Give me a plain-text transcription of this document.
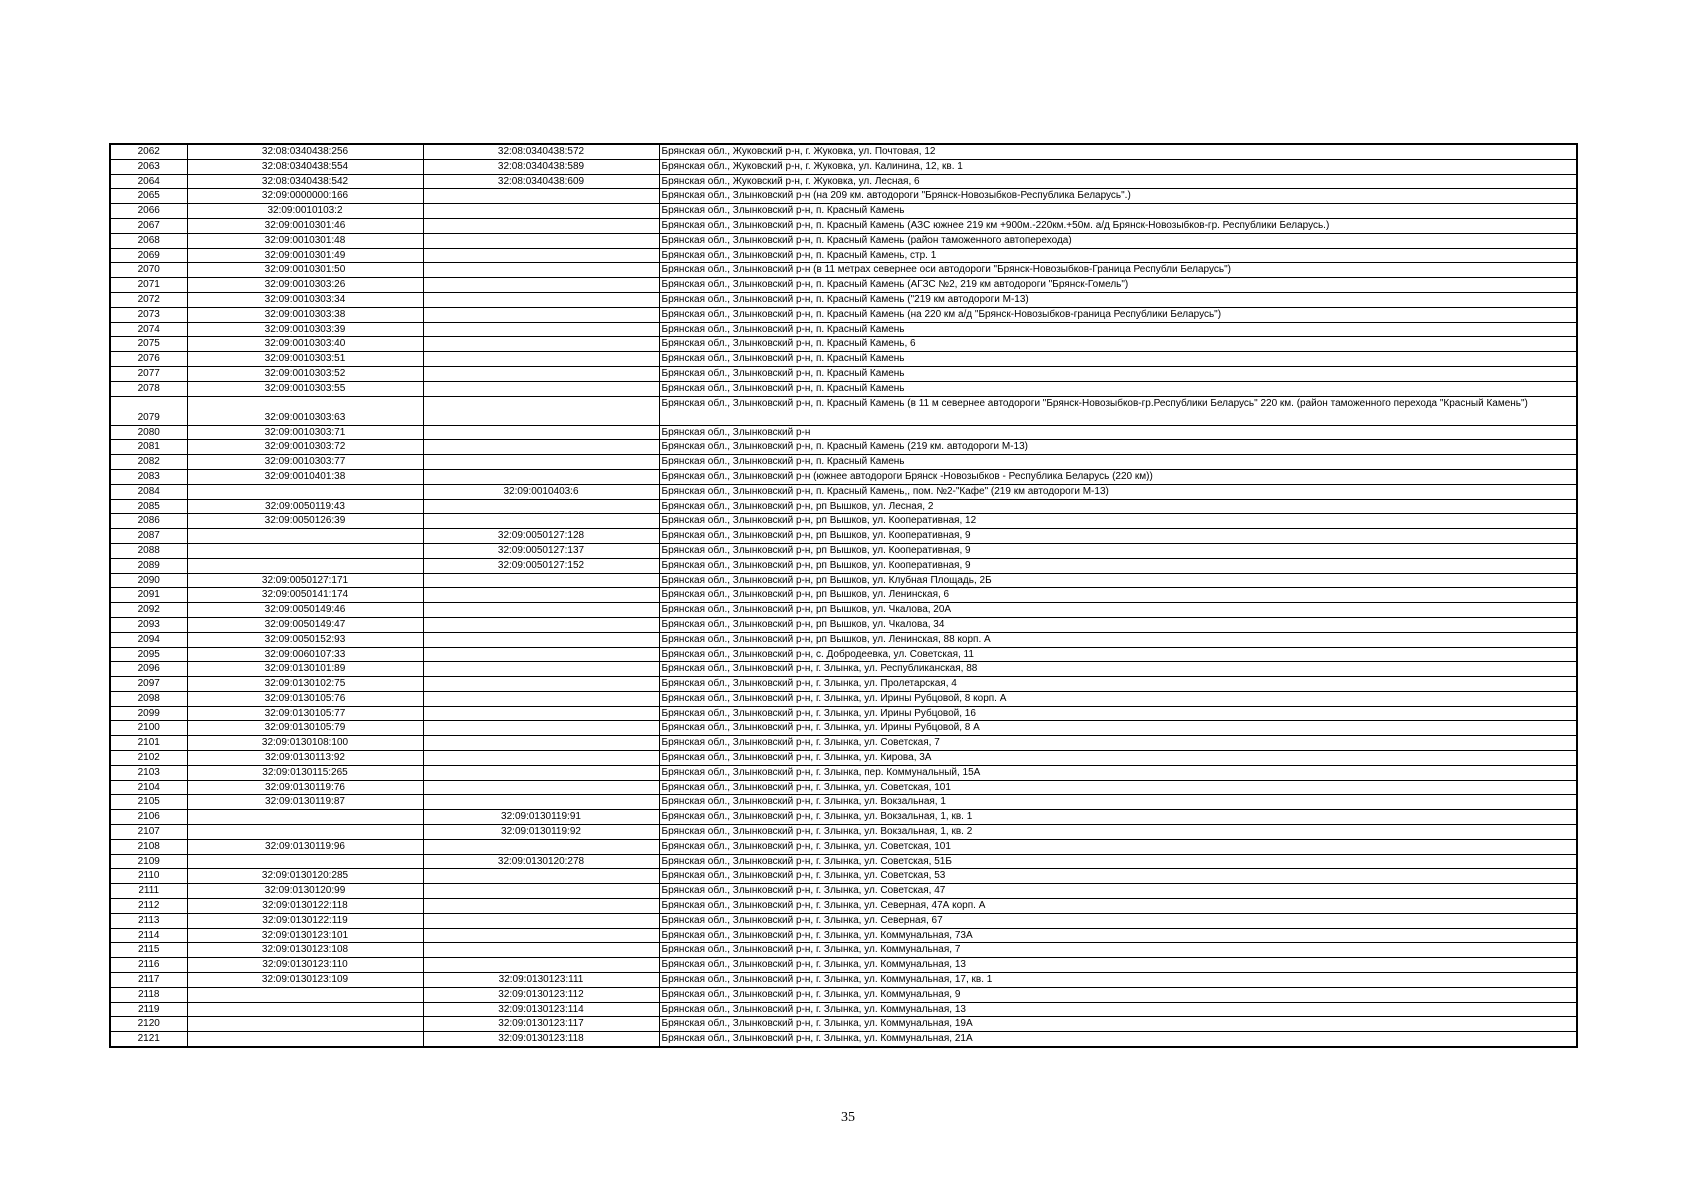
2062	32:08:0340438:256	32:08:0340438:572	Брянская обл., Жуковский р-н, г. Жуковка, ул. Почтовая, 12
2063	32:08:0340438:554	32:08:0340438:589	Брянская обл., Жуковский р-н, г. Жуковка, ул. Калинина, 12, кв. 1
2064	32:08:0340438:542	32:08:0340438:609	Брянская обл., Жуковский р-н, г. Жуковка, ул. Лесная, 6
2065	32:09:0000000:166		Брянская обл., Злынковский р-н (на 209 км. автодороги "Брянск-Новозыбков-Республика Беларусь".)
2066	32:09:0010103:2		Брянская обл., Злынковский р-н, п. Красный Камень
2067	32:09:0010301:46		Брянская обл., Злынковский р-н, п. Красный Камень (АЗС южнее 219 км +900м.-220км.+50м. а/д Брянск-Новозыбков-гр. Республики Беларусь.)
2068	32:09:0010301:48		Брянская обл., Злынковский р-н, п. Красный Камень (район таможенного автоперехода)
2069	32:09:0010301:49		Брянская обл., Злынковский р-н, п. Красный Камень, стр. 1
2070	32:09:0010301:50		Брянская обл., Злынковский р-н (в 11 метрах севернее оси автодороги "Брянск-Новозыбков-Граница Республи Беларусь")
2071	32:09:0010303:26		Брянская обл., Злынковский р-н, п. Красный Камень (АГЗС №2, 219 км автодороги "Брянск-Гомель")
2072	32:09:0010303:34		Брянская обл., Злынковский р-н, п. Красный Камень ("219 км автодороги М-13)
2073	32:09:0010303:38		Брянская обл., Злынковский р-н, п. Красный Камень (на 220 км а/д "Брянск-Новозыбков-граница Республики Беларусь")
2074	32:09:0010303:39		Брянская обл., Злынковский р-н, п. Красный Камень
2075	32:09:0010303:40		Брянская обл., Злынковский р-н, п. Красный Камень, 6
2076	32:09:0010303:51		Брянская обл., Злынковский р-н, п. Красный Камень
2077	32:09:0010303:52		Брянская обл., Злынковский р-н, п. Красный Камень
2078	32:09:0010303:55		Брянская обл., Злынковский р-н, п. Красный Камень
2079	32:09:0010303:63		Брянская обл., Злынковский р-н, п. Красный Камень (в 11 м севернее автодороги "Брянск-Новозыбков-гр.Республики Беларусь" 220 км. (район таможенного перехода "Красный Камень")
2080	32:09:0010303:71		Брянская обл., Злынковский р-н
2081	32:09:0010303:72		Брянская обл., Злынковский р-н, п. Красный Камень (219 км. автодороги М-13)
2082	32:09:0010303:77		Брянская обл., Злынковский р-н, п. Красный Камень
2083	32:09:0010401:38		Брянская обл., Злынковский р-н (южнее автодороги Брянск -Новозыбков - Республика Беларусь (220 км))
2084		32:09:0010403:6	Брянская обл., Злынковский р-н, п. Красный Камень,, пом. №2-"Кафе" (219 км автодороги М-13)
2085	32:09:0050119:43		Брянская обл., Злынковский р-н, рп Вышков, ул. Лесная, 2
2086	32:09:0050126:39		Брянская обл., Злынковский р-н, рп Вышков, ул. Кооперативная, 12
2087		32:09:0050127:128	Брянская обл., Злынковский р-н, рп Вышков, ул. Кооперативная, 9
2088		32:09:0050127:137	Брянская обл., Злынковский р-н, рп Вышков, ул. Кооперативная, 9
2089		32:09:0050127:152	Брянская обл., Злынковский р-н, рп Вышков, ул. Кооперативная, 9
2090	32:09:0050127:171		Брянская обл., Злынковский р-н, рп Вышков, ул. Клубная Площадь, 2Б
2091	32:09:0050141:174		Брянская обл., Злынковский р-н, рп Вышков, ул. Ленинская, 6
2092	32:09:0050149:46		Брянская обл., Злынковский р-н, рп Вышков, ул. Чкалова, 20А
2093	32:09:0050149:47		Брянская обл., Злынковский р-н, рп Вышков, ул. Чкалова, 34
2094	32:09:0050152:93		Брянская обл., Злынковский р-н, рп Вышков, ул. Ленинская, 88 корп. А
2095	32:09:0060107:33		Брянская обл., Злынковский р-н, с. Добродеевка, ул. Советская, 11
2096	32:09:0130101:89		Брянская обл., Злынковский р-н, г. Злынка, ул. Республиканская, 88
2097	32:09:0130102:75		Брянская обл., Злынковский р-н, г. Злынка, ул. Пролетарская, 4
2098	32:09:0130105:76		Брянская обл., Злынковский р-н, г. Злынка, ул. Ирины Рубцовой, 8 корп. А
2099	32:09:0130105:77		Брянская обл., Злынковский р-н, г. Злынка, ул. Ирины Рубцовой, 16
2100	32:09:0130105:79		Брянская обл., Злынковский р-н, г. Злынка, ул. Ирины Рубцовой, 8 А
2101	32:09:0130108:100		Брянская обл., Злынковский р-н, г. Злынка, ул. Советская, 7
2102	32:09:0130113:92		Брянская обл., Злынковский р-н, г. Злынка, ул. Кирова, 3А
2103	32:09:0130115:265		Брянская обл., Злынковский р-н, г. Злынка, пер. Коммунальный, 15А
2104	32:09:0130119:76		Брянская обл., Злынковский р-н, г. Злынка, ул. Советская, 101
2105	32:09:0130119:87		Брянская обл., Злынковский р-н, г. Злынка, ул. Вокзальная, 1
2106		32:09:0130119:91	Брянская обл., Злынковский р-н, г. Злынка, ул. Вокзальная, 1, кв. 1
2107		32:09:0130119:92	Брянская обл., Злынковский р-н, г. Злынка, ул. Вокзальная, 1, кв. 2
2108	32:09:0130119:96		Брянская обл., Злынковский р-н, г. Злынка, ул. Советская, 101
2109		32:09:0130120:278	Брянская обл., Злынковский р-н, г. Злынка, ул. Советская, 51Б
2110	32:09:0130120:285		Брянская обл., Злынковский р-н, г. Злынка, ул. Советская, 53
2111	32:09:0130120:99		Брянская обл., Злынковский р-н, г. Злынка, ул. Советская, 47
2112	32:09:0130122:118		Брянская обл., Злынковский р-н, г. Злынка, ул. Северная, 47А корп. А
2113	32:09:0130122:119		Брянская обл., Злынковский р-н, г. Злынка, ул. Северная, 67
2114	32:09:0130123:101		Брянская обл., Злынковский р-н, г. Злынка, ул. Коммунальная, 73А
2115	32:09:0130123:108		Брянская обл., Злынковский р-н, г. Злынка, ул. Коммунальная, 7
2116	32:09:0130123:110		Брянская обл., Злынковский р-н, г. Злынка, ул. Коммунальная, 13
2117	32:09:0130123:109	32:09:0130123:111	Брянская обл., Злынковский р-н, г. Злынка, ул. Коммунальная, 17, кв. 1
2118		32:09:0130123:112	Брянская обл., Злынковский р-н, г. Злынка, ул. Коммунальная, 9
2119		32:09:0130123:114	Брянская обл., Злынковский р-н, г. Злынка, ул. Коммунальная, 13
2120		32:09:0130123:117	Брянская обл., Злынковский р-н, г. Злынка, ул. Коммунальная, 19А
2121		32:09:0130123:118	Брянская обл., Злынковский р-н, г. Злынка, ул. Коммунальная, 21А
35
